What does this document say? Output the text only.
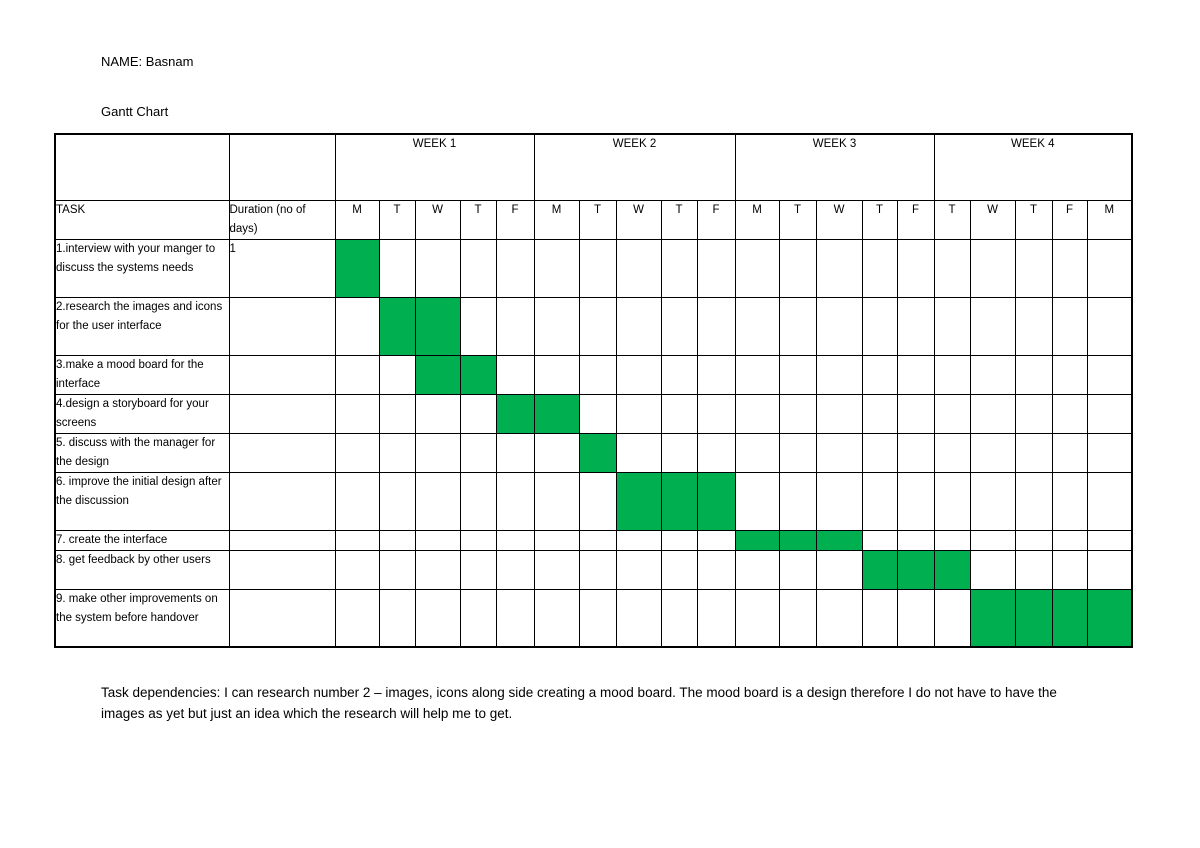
NAME: Basnam
Gantt Chart
		WEEK 1					WEEK 2					WEEK 3					WEEK 4				
TASK	Duration (no of days)	M	T	W	T	F	M	T	W	T	F	M	T	W	T	F	T	W	T	F	M
1.interview with your manger to discuss the systems needs	1																				
2.research the images and icons for the user interface																					
3.make a mood board for the interface																					
4.design a storyboard for your screens																					
5. discuss with the manager for the design																					
6. improve the initial design after the discussion																					
7. create the interface																					
8. get feedback by other users																					
9. make other improvements on the system before handover																					
Task dependencies: I can research number 2 – images, icons along side creating a mood board. The mood board is a design therefore I do not have to have the images as yet but just an idea which the research will help me to get.
